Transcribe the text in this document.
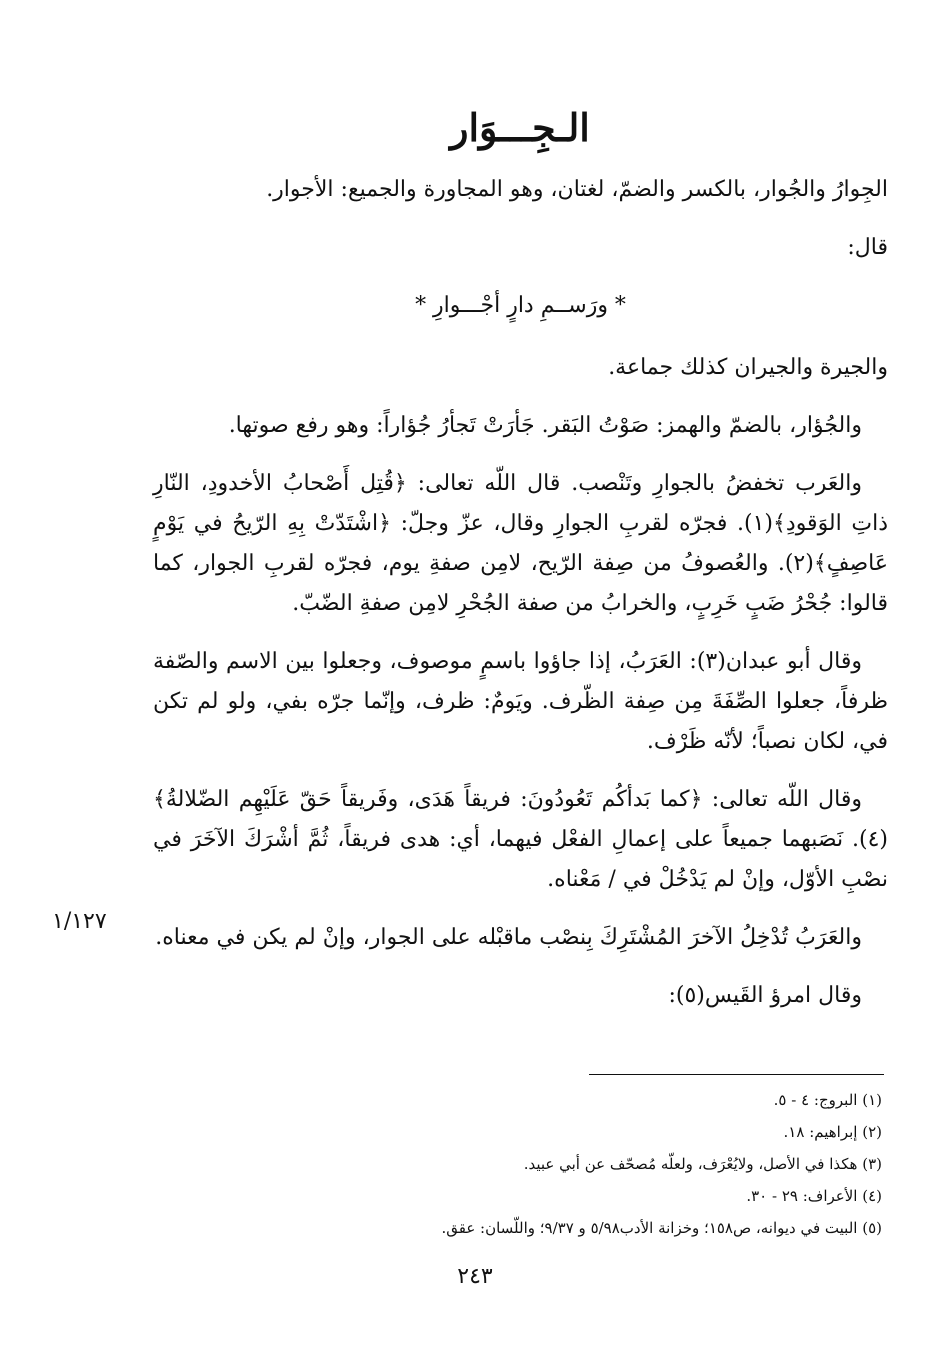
الـجِـــوَار

الجِوارُ والجُوار، بالكسر والضمّ، لغتان، وهو المجاورة والجميع: الأجوار.

قال:

* ورَســمِ دارٍ أجْـــوارِ *

والجيرة والجيران كذلك جماعة.

والجُؤار، بالضمّ والهمز: صَوْتُ البَقر. جَأرَتْ تَجأرُ جُؤاراً: وهو رفع صوتها.

والعَرب تخفضُ بالجوارِ وتَنْصب. قال اللّه تعالى: ﴿قُتِل أَصْحابُ الأخدودِ، النّارِ ذاتِ الوَقودِ﴾(١). فجرّه لقربِ الجوارِ وقال، عزّ وجلّ: ﴿اشْتَدّتْ بِهِ الرّيحُ في يَوْمٍ عَاصِفٍ﴾(٢). والعُصوفُ من صِفة الرّيح، لامِن صفةِ يوم، فجرّه لقربِ الجوار، كما قالوا: جُحْرُ ضَبٍ خَرِبٍ، والخرابُ من صفة الجُحْرِ لامِن صفةِ الضّبّ.

وقال أبو عبدان(٣): العَرَبُ، إذا جاؤوا باسمٍ موصوف، وجعلوا بين الاسم والصّفة ظرفاً، جعلوا الصِّفَةَ مِن صِفة الظّرف. ويَومٌ: ظرف، وإنّما جرّه بفي، ولو لم تكن في، لكان نصباً؛ لأنّه ظَرْف.

وقال اللّه تعالى: ﴿كما بَدأكُم تَعُودُونَ: فريقاً هَدَى، وفَريقاً حَقّ عَلَيْهِم الضّلالةُ﴾(٤). نَصَبهما جميعاً على إعمالِ الفعْل فيهما، أي: هدى فريقاً، ثُمَّ أشْرَكَ الآخَرَ في نصْبِ الأوّل، وإنْ لم يَدْخُلْ في / مَعْناه.

والعَرَبُ تُدْخِلُ الآخرَ المُشْتَرِكَ بِنصْب ماقبْله على الجوار، وإنْ لم يكن في معناه.

وقال امرؤ القَيس(٥):

١/١٢٧

(١) البروج: ٤ - ٥.

(٢) إبراهيم: ١٨.

(٣) هكذا في الأصل، ولايُعْرَف، ولعلّه مُصحّف عن أبي عبيد.

(٤) الأعراف: ٢٩ - ٣٠.

(٥) البيت في ديوانه، ص١٥٨؛ وخزانة الأدب٥/٩٨ و ٩/٣٧؛ واللّسان: عقق.

٢٤٣
